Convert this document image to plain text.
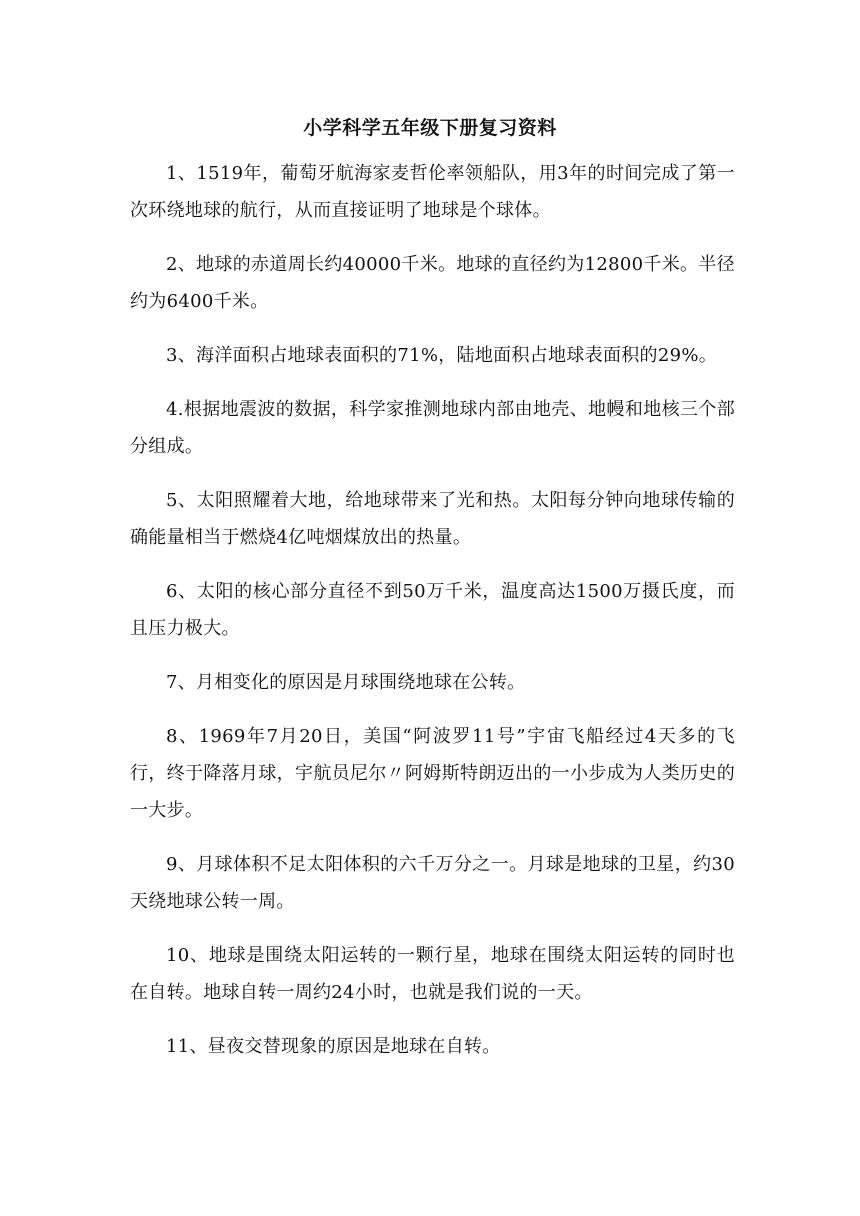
小学科学五年级下册复习资料

1、1519年，葡萄牙航海家麦哲伦率领船队，用3年的时间完成了第一次环绕地球的航行，从而直接证明了地球是个球体。

2、地球的赤道周长约40000千米。地球的直径约为12800千米。半径约为6400千米。

3、海洋面积占地球表面积的71%，陆地面积占地球表面积的29%。

4.根据地震波的数据，科学家推测地球内部由地壳、地幔和地核三个部分组成。

5、太阳照耀着大地，给地球带来了光和热。太阳每分钟向地球传输的确能量相当于燃烧4亿吨烟煤放出的热量。

6、太阳的核心部分直径不到50万千米，温度高达1500万摄氏度，而且压力极大。

7、月相变化的原因是月球围绕地球在公转。

8、1969年7月20日，美国“阿波罗11号”宇宙飞船经过4天多的飞行，终于降落月球，宇航员尼尔〃阿姆斯特朗迈出的一小步成为人类历史的一大步。

9、月球体积不足太阳体积的六千万分之一。月球是地球的卫星，约30天绕地球公转一周。

10、地球是围绕太阳运转的一颗行星，地球在围绕太阳运转的同时也在自转。地球自转一周约24小时，也就是我们说的一天。

11、昼夜交替现象的原因是地球在自转。
